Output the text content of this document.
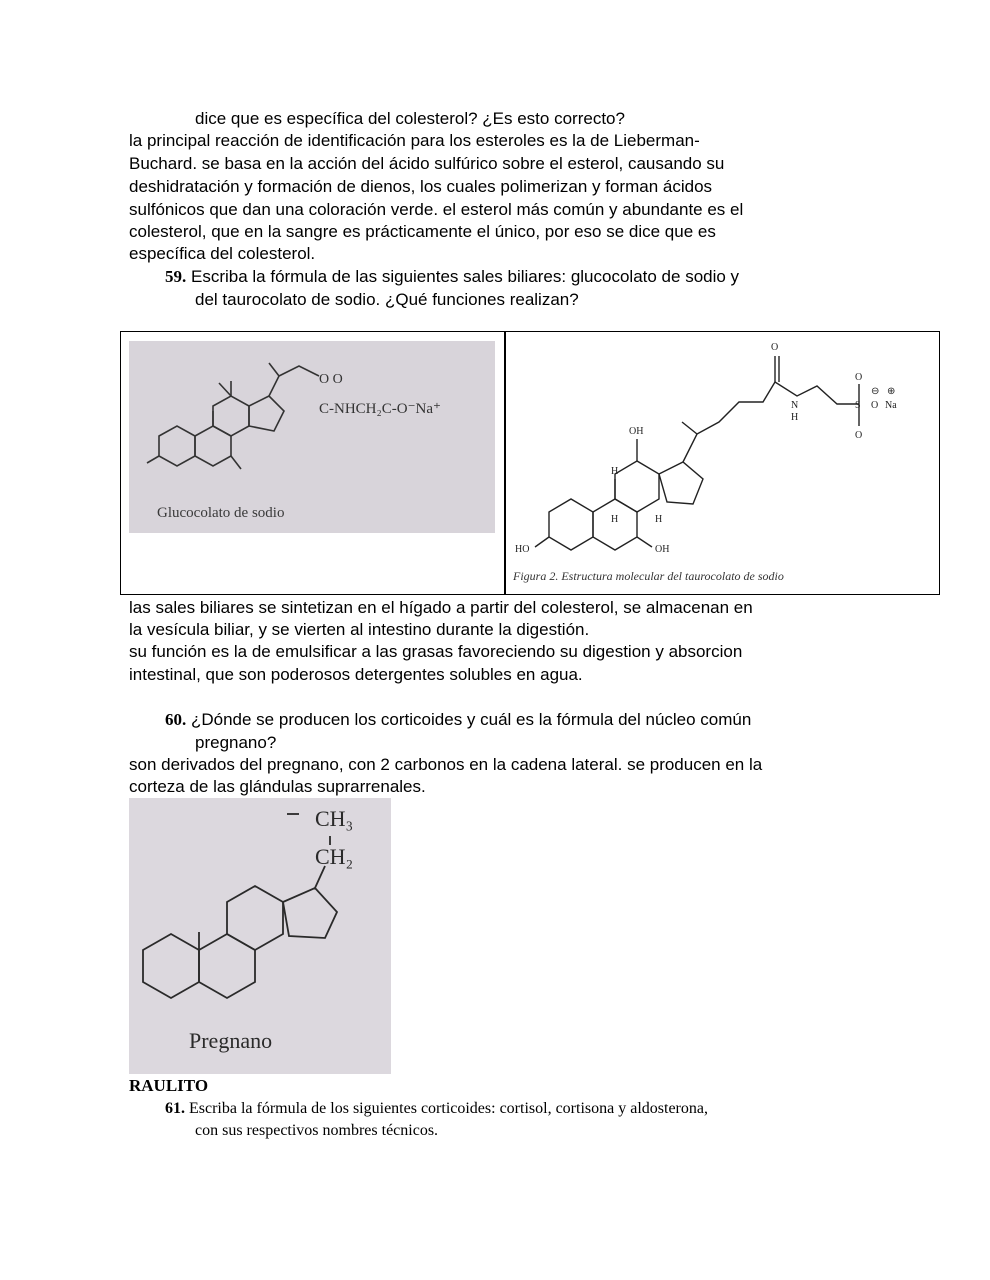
dice que es específica del colesterol? ¿Es esto correcto?
la principal reacción de identificación para los esteroles es la de Lieberman-
Buchard. se basa en la acción del ácido sulfúrico sobre el esterol, causando su
deshidratación y formación de dienos, los cuales polimerizan y forman ácidos
sulfónicos que dan una coloración verde. el esterol más común y abundante es el
colesterol, que en la sangre es prácticamente el único, por eso se dice que es
específica del colesterol.
59. Escriba la fórmula de las siguientes sales biliares: glucocolato de sodio y
del taurocolato de sodio. ¿Qué funciones realizan?
O O
C-NHCH₂C-O⁻Na⁺
Glucocolato de sodio
O
N
H
O
S
O
O
⊖ ⊕
Na
OH
H
H	H
HO	OH
Figura 2. Estructura molecular del taurocolato de sodio
las sales biliares se sintetizan en el hígado a partir del colesterol, se almacenan en
la vesícula biliar, y se vierten al intestino durante la digestión.
su función es la de emulsificar a las grasas favoreciendo su digestion y absorcion
intestinal, que son poderosos detergentes solubles en agua.
60. ¿Dónde se producen los corticoides y cuál es la fórmula del núcleo común
pregnano?
son derivados del pregnano, con 2 carbonos en la cadena lateral. se producen en la
corteza de las glándulas suprarrenales.
CH₃
CH₂
Pregnano
RAULITO
61. Escriba la fórmula de los siguientes corticoides: cortisol, cortisona y aldosterona,
con sus respectivos nombres técnicos.
